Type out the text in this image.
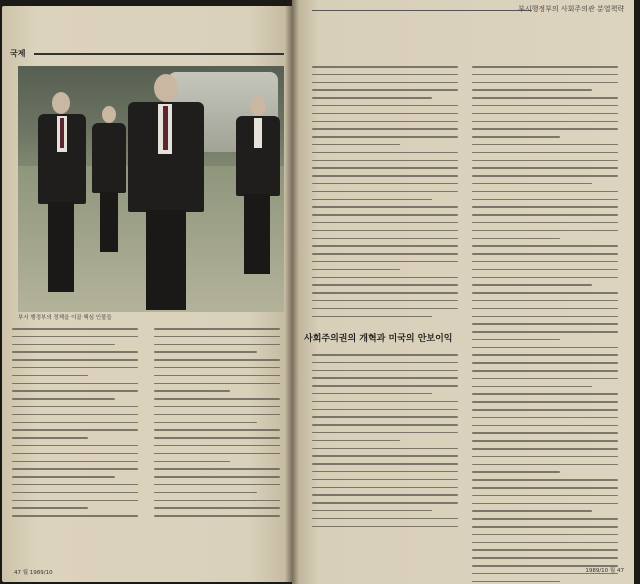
국제
부시 행정부의 정책을 이끌 핵심 인물들
47 월 1989/10
부시행정부의 사회주의관 분열책략
사회주의권의 개혁과 미국의 안보이익
1989/10 월 47
